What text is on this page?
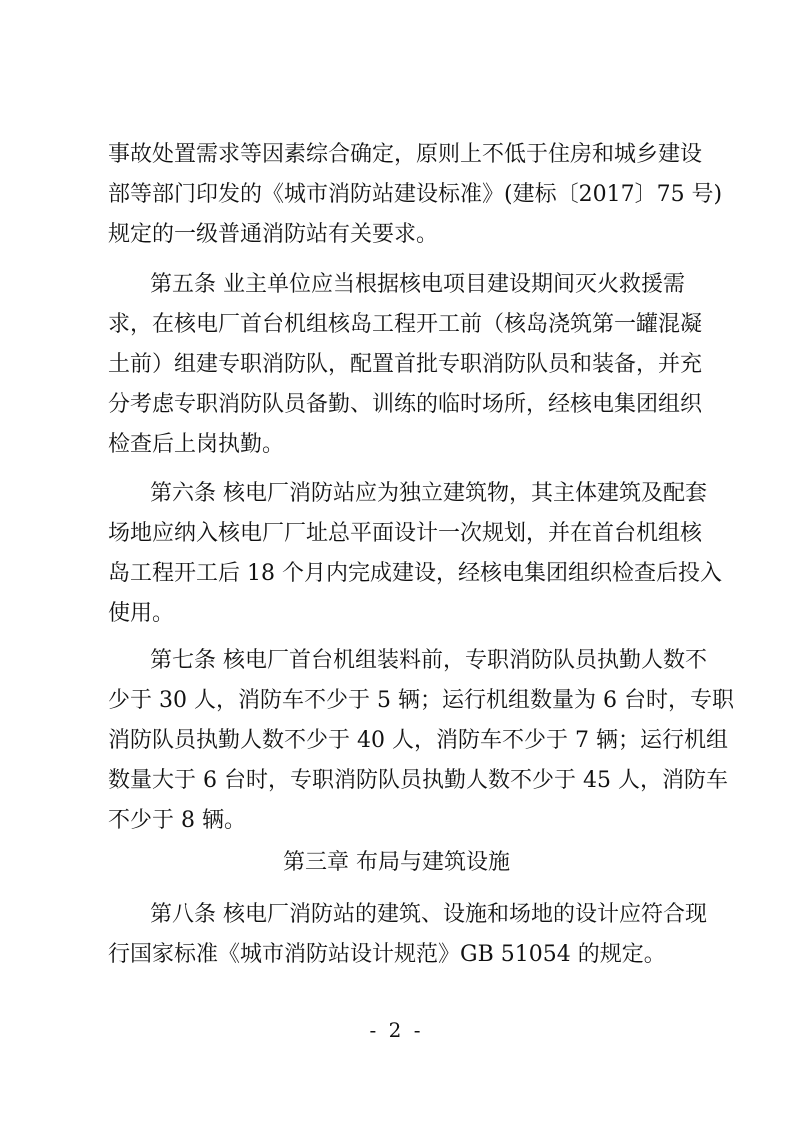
事故处置需求等因素综合确定，原则上不低于住房和城乡建设
部等部门印发的《城市消防站建设标准》(建标〔2017〕75 号)
规定的一级普通消防站有关要求。
第五条 业主单位应当根据核电项目建设期间灭火救援需
求，在核电厂首台机组核岛工程开工前（核岛浇筑第一罐混凝
土前）组建专职消防队，配置首批专职消防队员和装备，并充
分考虑专职消防队员备勤、训练的临时场所，经核电集团组织
检查后上岗执勤。
第六条 核电厂消防站应为独立建筑物，其主体建筑及配套
场地应纳入核电厂厂址总平面设计一次规划，并在首台机组核
岛工程开工后 18 个月内完成建设，经核电集团组织检查后投入
使用。
第七条 核电厂首台机组装料前，专职消防队员执勤人数不
少于 30 人，消防车不少于 5 辆；运行机组数量为 6 台时，专职
消防队员执勤人数不少于 40 人，消防车不少于 7 辆；运行机组
数量大于 6 台时，专职消防队员执勤人数不少于 45 人，消防车
不少于 8 辆。
第三章 布局与建筑设施
第八条 核电厂消防站的建筑、设施和场地的设计应符合现
行国家标准《城市消防站设计规范》GB 51054 的规定。
- 2 -
